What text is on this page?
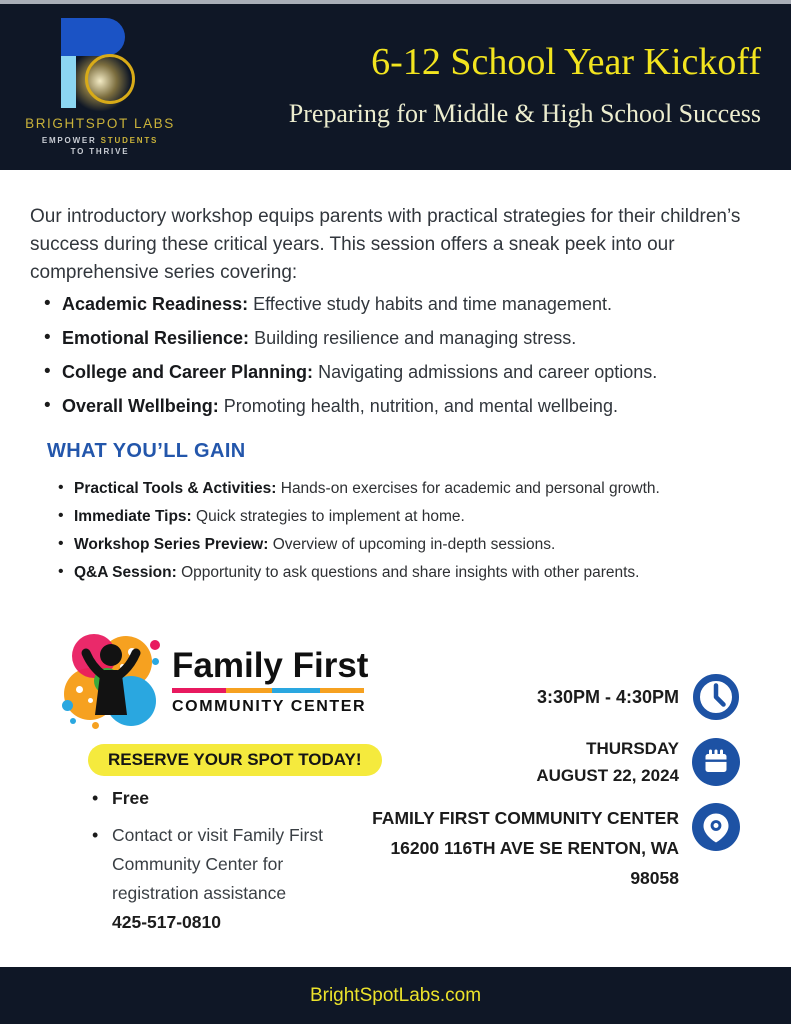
BRIGHTSPOT LABS
EMPOWER STUDENTS
TO THRIVE
6-12 School Year Kickoff
Preparing for Middle & High School Success

Our introductory workshop equips parents with practical strategies for their children’s success during these critical years. This session offers a sneak peek into our comprehensive series covering:

• Academic Readiness: Effective study habits and time management.
• Emotional Resilience: Building resilience and managing stress.
• College and Career Planning: Navigating admissions and career options.
• Overall Wellbeing: Promoting health, nutrition, and mental wellbeing.
WHAT YOU’LL GAIN
• Practical Tools & Activities: Hands-on exercises for academic and personal growth.
• Immediate Tips: Quick strategies to implement at home.
• Workshop Series Preview: Overview of upcoming in-depth sessions.
• Q&A Session: Opportunity to ask questions and share insights with other parents.
Family First
COMMUNITY CENTER
RESERVE YOUR SPOT TODAY!
• Free
• Contact or visit Family First Community Center for registration assistance
425-517-0810
3:30PM - 4:30PM
THURSDAY
AUGUST 22, 2024
FAMILY FIRST COMMUNITY CENTER
16200 116TH AVE SE RENTON, WA
98058
BrightSpotLabs.com
